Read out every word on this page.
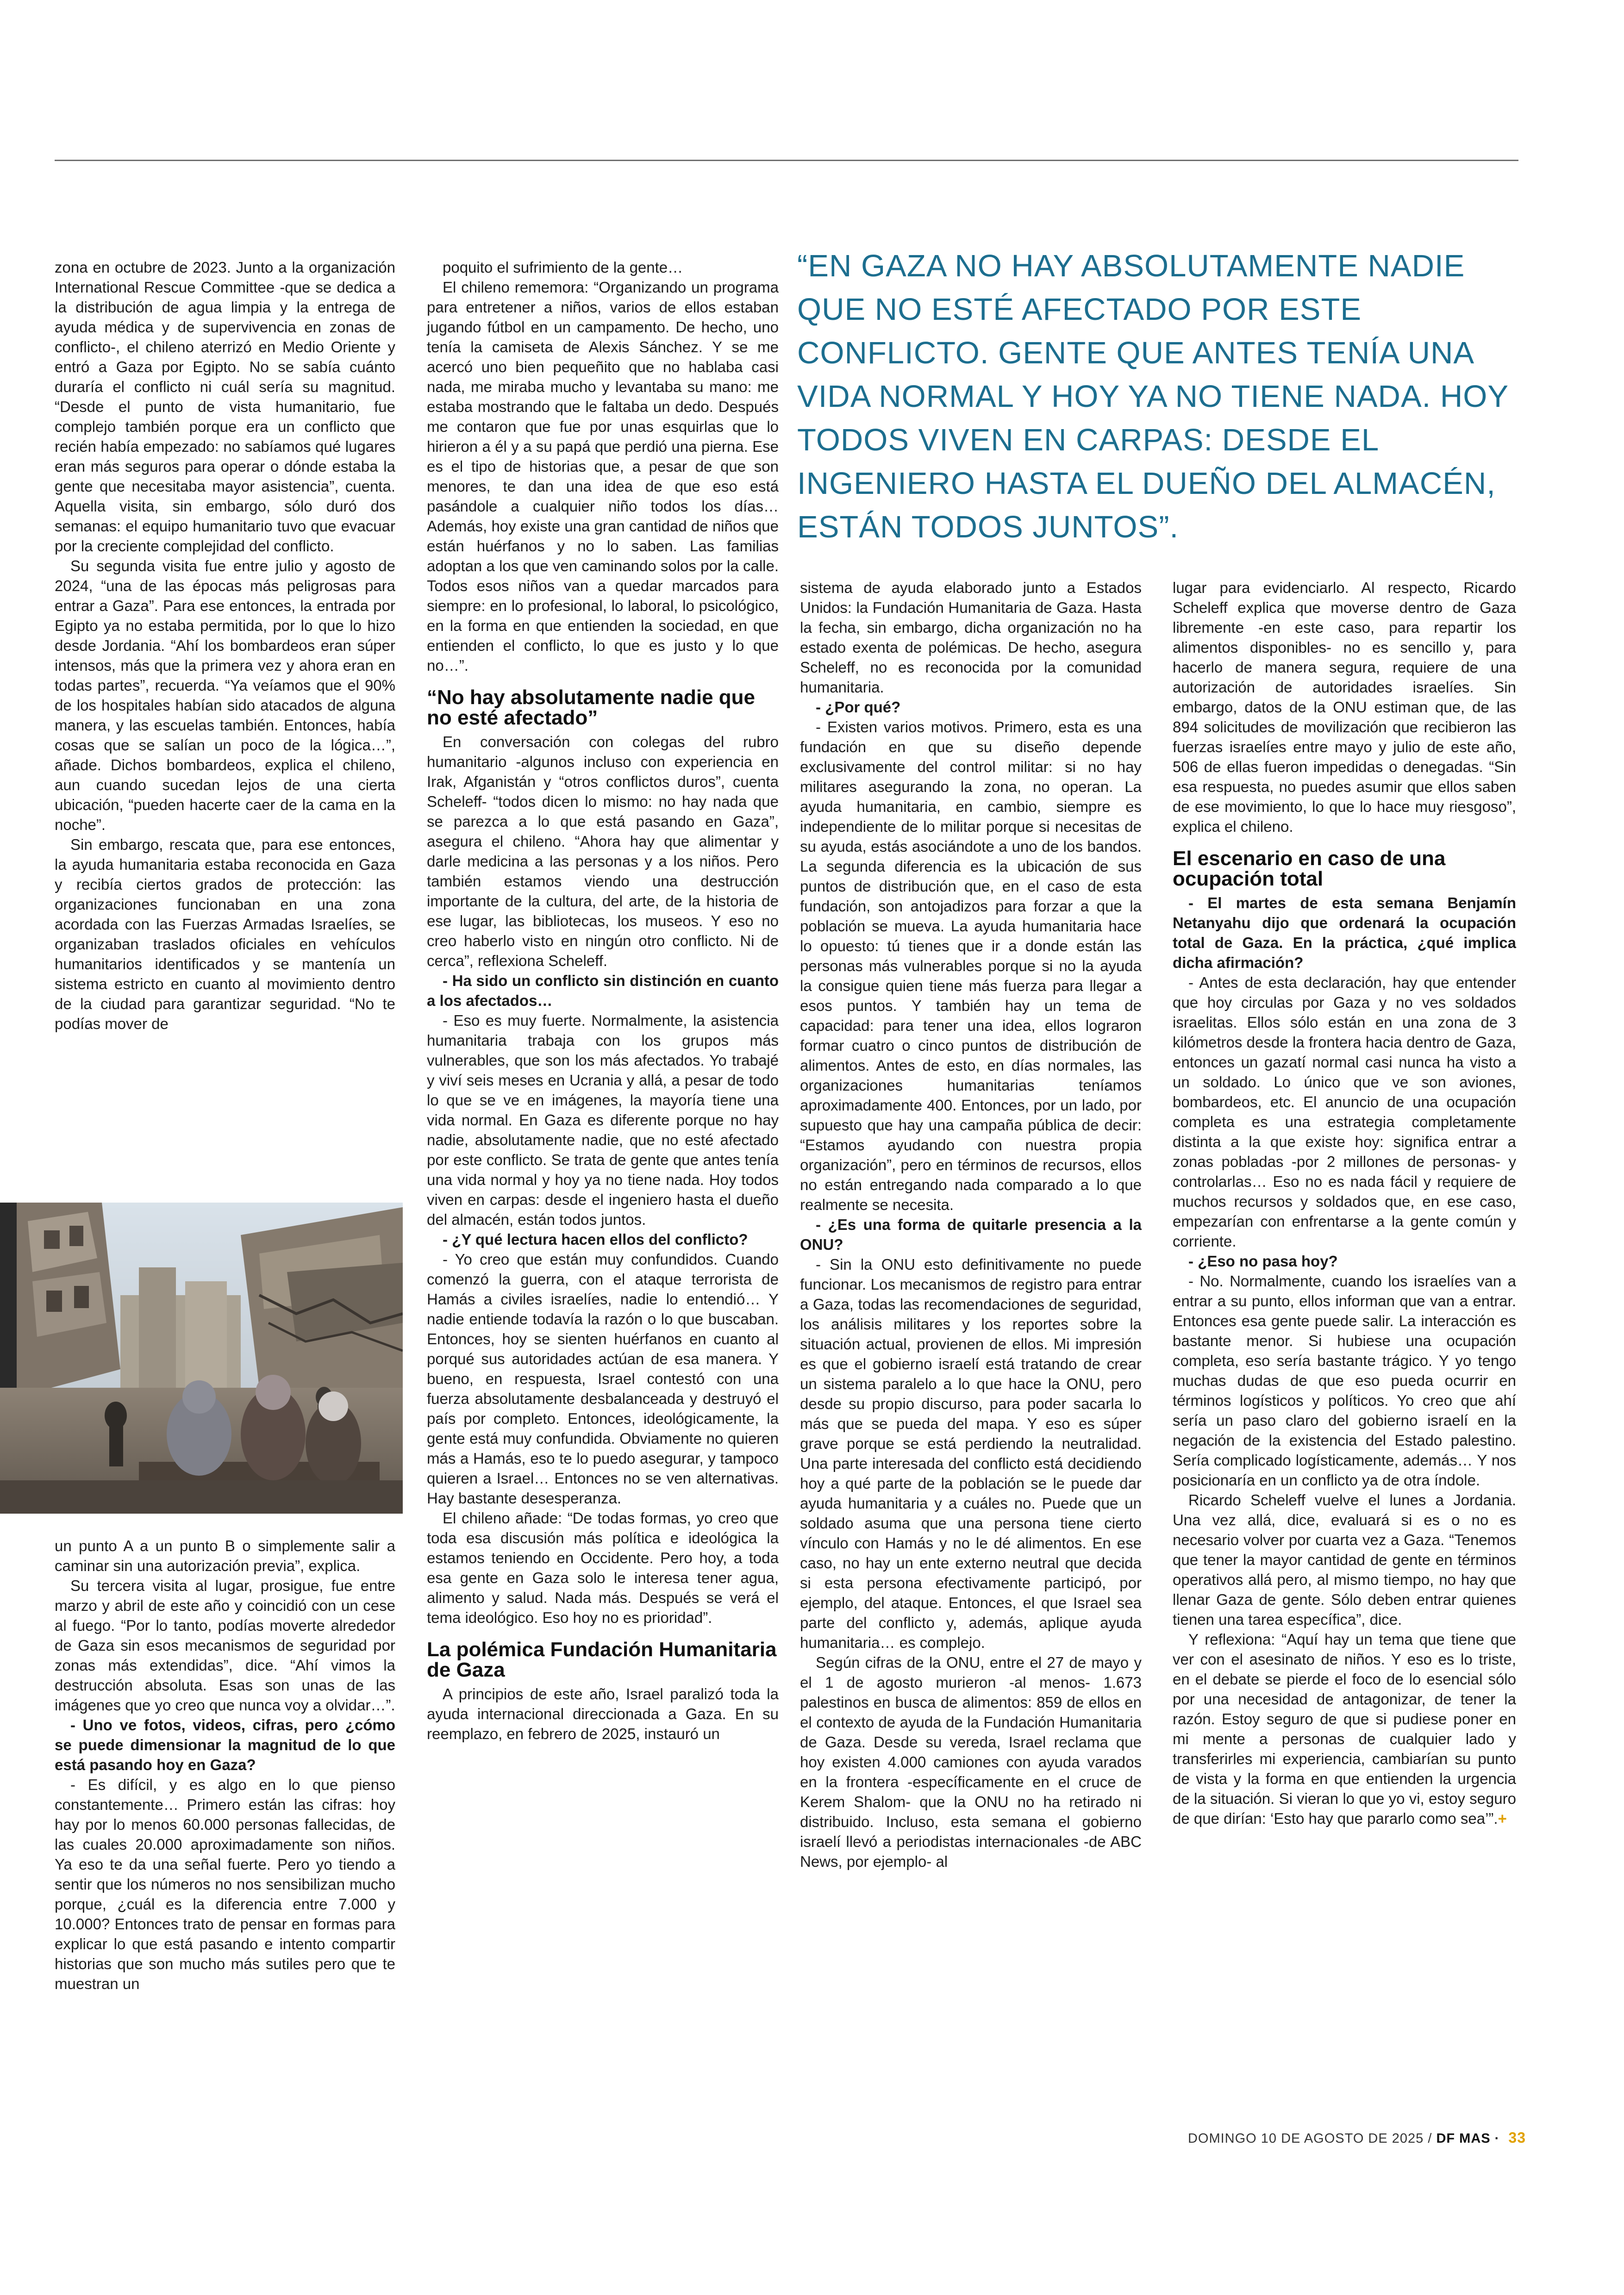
“EN GAZA NO HAY ABSOLUTAMENTE NADIE QUE NO ESTÉ AFECTADO POR ESTE CONFLICTO. GENTE QUE ANTES TENÍA UNA VIDA NORMAL Y HOY YA NO TIENE NADA. HOY TODOS VIVEN EN CARPAS: DESDE EL INGENIERO HASTA EL DUEÑO DEL ALMACÉN, ESTÁN TODOS JUNTOS”.

zona en octubre de 2023. Junto a la organización International Rescue Committee -que se dedica a la distribución de agua limpia y la entrega de ayuda médica y de supervivencia en zonas de conflicto-, el chileno aterrizó en Medio Oriente y entró a Gaza por Egipto. No se sabía cuánto duraría el conflicto ni cuál sería su magnitud. “Desde el punto de vista humanitario, fue complejo también porque era un conflicto que recién había empezado: no sabíamos qué lugares eran más seguros para operar o dónde estaba la gente que necesitaba mayor asistencia”, cuenta. Aquella visita, sin embargo, sólo duró dos semanas: el equipo humanitario tuvo que evacuar por la creciente complejidad del conflicto.

Su segunda visita fue entre julio y agosto de 2024, “una de las épocas más peligrosas para entrar a Gaza”. Para ese entonces, la entrada por Egipto ya no estaba permitida, por lo que lo hizo desde Jordania. “Ahí los bombardeos eran súper intensos, más que la primera vez y ahora eran en todas partes”, recuerda. “Ya veíamos que el 90% de los hospitales habían sido atacados de alguna manera, y las escuelas también. Entonces, había cosas que se salían un poco de la lógica…”, añade. Dichos bombardeos, explica el chileno, aun cuando sucedan lejos de una cierta ubicación, “pueden hacerte caer de la cama en la noche”.

Sin embargo, rescata que, para ese entonces, la ayuda humanitaria estaba reconocida en Gaza y recibía ciertos grados de protección: las organizaciones funcionaban en una zona acordada con las Fuerzas Armadas Israelíes, se organizaban traslados oficiales en vehículos humanitarios identificados y se mantenía un sistema estricto en cuanto al movimiento dentro de la ciudad para garantizar seguridad. “No te podías mover de

un punto A a un punto B o simplemente salir a caminar sin una autorización previa”, explica.

Su tercera visita al lugar, prosigue, fue entre marzo y abril de este año y coincidió con un cese al fuego. “Por lo tanto, podías moverte alrededor de Gaza sin esos mecanismos de seguridad por zonas más extendidas”, dice. “Ahí vimos la destrucción absoluta. Esas son unas de las imágenes que yo creo que nunca voy a olvidar…”.

- Uno ve fotos, videos, cifras, pero ¿cómo se puede dimensionar la magnitud de lo que está pasando hoy en Gaza?

- Es difícil, y es algo en lo que pienso constantemente… Primero están las cifras: hoy hay por lo menos 60.000 personas fallecidas, de las cuales 20.000 aproximadamente son niños. Ya eso te da una señal fuerte. Pero yo tiendo a sentir que los números no nos sensibilizan mucho porque, ¿cuál es la diferencia entre 7.000 y 10.000? Entonces trato de pensar en formas para explicar lo que está pasando e intento compartir historias que son mucho más sutiles pero que te muestran un

poquito el sufrimiento de la gente…

El chileno rememora: “Organizando un programa para entretener a niños, varios de ellos estaban jugando fútbol en un campamento. De hecho, uno tenía la camiseta de Alexis Sánchez. Y se me acercó uno bien pequeñito que no hablaba casi nada, me miraba mucho y levantaba su mano: me estaba mostrando que le faltaba un dedo. Después me contaron que fue por unas esquirlas que lo hirieron a él y a su papá que perdió una pierna. Ese es el tipo de historias que, a pesar de que son menores, te dan una idea de que eso está pasándole a cualquier niño todos los días… Además, hoy existe una gran cantidad de niños que están huérfanos y no lo saben. Las familias adoptan a los que ven caminando solos por la calle. Todos esos niños van a quedar marcados para siempre: en lo profesional, lo laboral, lo psicológico, en la forma en que entienden la sociedad, en que entienden el conflicto, lo que es justo y lo que no…”.

“No hay absolutamente nadie que no esté afectado”

En conversación con colegas del rubro humanitario -algunos incluso con experiencia en Irak, Afganistán y “otros conflictos duros”, cuenta Scheleff- “todos dicen lo mismo: no hay nada que se parezca a lo que está pasando en Gaza”, asegura el chileno. “Ahora hay que alimentar y darle medicina a las personas y a los niños. Pero también estamos viendo una destrucción importante de la cultura, del arte, de la historia de ese lugar, las bibliotecas, los museos. Y eso no creo haberlo visto en ningún otro conflicto. Ni de cerca”, reflexiona Scheleff.

- Ha sido un conflicto sin distinción en cuanto a los afectados…

- Eso es muy fuerte. Normalmente, la asistencia humanitaria trabaja con los grupos más vulnerables, que son los más afectados. Yo trabajé y viví seis meses en Ucrania y allá, a pesar de todo lo que se ve en imágenes, la mayoría tiene una vida normal. En Gaza es diferente porque no hay nadie, absolutamente nadie, que no esté afectado por este conflicto. Se trata de gente que antes tenía una vida normal y hoy ya no tiene nada. Hoy todos viven en carpas: desde el ingeniero hasta el dueño del almacén, están todos juntos.

- ¿Y qué lectura hacen ellos del conflicto?

- Yo creo que están muy confundidos. Cuando comenzó la guerra, con el ataque terrorista de Hamás a civiles israelíes, nadie lo entendió… Y nadie entiende todavía la razón o lo que buscaban. Entonces, hoy se sienten huérfanos en cuanto al porqué sus autoridades actúan de esa manera. Y bueno, en respuesta, Israel contestó con una fuerza absolutamente desbalanceada y destruyó el país por completo. Entonces, ideológicamente, la gente está muy confundida. Obviamente no quieren más a Hamás, eso te lo puedo asegurar, y tampoco quieren a Israel… Entonces no se ven alternativas. Hay bastante desesperanza.

El chileno añade: “De todas formas, yo creo que toda esa discusión más política e ideológica la estamos teniendo en Occidente. Pero hoy, a toda esa gente en Gaza solo le interesa tener agua, alimento y salud. Nada más. Después se verá el tema ideológico. Eso hoy no es prioridad”.

La polémica Fundación Humanitaria de Gaza

A principios de este año, Israel paralizó toda la ayuda internacional direccionada a Gaza. En su reemplazo, en febrero de 2025, instauró un

sistema de ayuda elaborado junto a Estados Unidos: la Fundación Humanitaria de Gaza. Hasta la fecha, sin embargo, dicha organización no ha estado exenta de polémicas. De hecho, asegura Scheleff, no es reconocida por la comunidad humanitaria.

- ¿Por qué?

- Existen varios motivos. Primero, esta es una fundación en que su diseño depende exclusivamente del control militar: si no hay militares asegurando la zona, no operan. La ayuda humanitaria, en cambio, siempre es independiente de lo militar porque si necesitas de su ayuda, estás asociándote a uno de los bandos. La segunda diferencia es la ubicación de sus puntos de distribución que, en el caso de esta fundación, son antojadizos para forzar a que la población se mueva. La ayuda humanitaria hace lo opuesto: tú tienes que ir a donde están las personas más vulnerables porque si no la ayuda la consigue quien tiene más fuerza para llegar a esos puntos. Y también hay un tema de capacidad: para tener una idea, ellos lograron formar cuatro o cinco puntos de distribución de alimentos. Antes de esto, en días normales, las organizaciones humanitarias teníamos aproximadamente 400. Entonces, por un lado, por supuesto que hay una campaña pública de decir: “Estamos ayudando con nuestra propia organización”, pero en términos de recursos, ellos no están entregando nada comparado a lo que realmente se necesita.

- ¿Es una forma de quitarle presencia a la ONU?

- Sin la ONU esto definitivamente no puede funcionar. Los mecanismos de registro para entrar a Gaza, todas las recomendaciones de seguridad, los análisis militares y los reportes sobre la situación actual, provienen de ellos. Mi impresión es que el gobierno israelí está tratando de crear un sistema paralelo a lo que hace la ONU, pero desde su propio discurso, para poder sacarla lo más que se pueda del mapa. Y eso es súper grave porque se está perdiendo la neutralidad. Una parte interesada del conflicto está decidiendo hoy a qué parte de la población se le puede dar ayuda humanitaria y a cuáles no. Puede que un soldado asuma que una persona tiene cierto vínculo con Hamás y no le dé alimentos. En ese caso, no hay un ente externo neutral que decida si esta persona efectivamente participó, por ejemplo, del ataque. Entonces, el que Israel sea parte del conflicto y, además, aplique ayuda humanitaria… es complejo.

Según cifras de la ONU, entre el 27 de mayo y el 1 de agosto murieron -al menos- 1.673 palestinos en busca de alimentos: 859 de ellos en el contexto de ayuda de la Fundación Humanitaria de Gaza. Desde su vereda, Israel reclama que hoy existen 4.000 camiones con ayuda varados en la frontera -específicamente en el cruce de Kerem Shalom- que la ONU no ha retirado ni distribuido. Incluso, esta semana el gobierno israelí llevó a periodistas internacionales -de ABC News, por ejemplo- al

lugar para evidenciarlo. Al respecto, Ricardo Scheleff explica que moverse dentro de Gaza libremente -en este caso, para repartir los alimentos disponibles- no es sencillo y, para hacerlo de manera segura, requiere de una autorización de autoridades israelíes. Sin embargo, datos de la ONU estiman que, de las 894 solicitudes de movilización que recibieron las fuerzas israelíes entre mayo y julio de este año, 506 de ellas fueron impedidas o denegadas. “Sin esa respuesta, no puedes asumir que ellos saben de ese movimiento, lo que lo hace muy riesgoso”, explica el chileno.

El escenario en caso de una ocupación total

- El martes de esta semana Benjamín Netanyahu dijo que ordenará la ocupación total de Gaza. En la práctica, ¿qué implica dicha afirmación?

- Antes de esta declaración, hay que entender que hoy circulas por Gaza y no ves soldados israelitas. Ellos sólo están en una zona de 3 kilómetros desde la frontera hacia dentro de Gaza, entonces un gazatí normal casi nunca ha visto a un soldado. Lo único que ve son aviones, bombardeos, etc. El anuncio de una ocupación completa es una estrategia completamente distinta a la que existe hoy: significa entrar a zonas pobladas -por 2 millones de personas- y controlarlas… Eso no es nada fácil y requiere de muchos recursos y soldados que, en ese caso, empezarían con enfrentarse a la gente común y corriente.

- ¿Eso no pasa hoy?

- No. Normalmente, cuando los israelíes van a entrar a su punto, ellos informan que van a entrar. Entonces esa gente puede salir. La interacción es bastante menor. Si hubiese una ocupación completa, eso sería bastante trágico. Y yo tengo muchas dudas de que eso pueda ocurrir en términos logísticos y políticos. Yo creo que ahí sería un paso claro del gobierno israelí en la negación de la existencia del Estado palestino. Sería complicado logísticamente, además… Y nos posicionaría en un conflicto ya de otra índole.

Ricardo Scheleff vuelve el lunes a Jordania. Una vez allá, dice, evaluará si es o no es necesario volver por cuarta vez a Gaza. “Tenemos que tener la mayor cantidad de gente en términos operativos allá pero, al mismo tiempo, no hay que llenar Gaza de gente. Sólo deben entrar quienes tienen una tarea específica”, dice.

Y reflexiona: “Aquí hay un tema que tiene que ver con el asesinato de niños. Y eso es lo triste, en el debate se pierde el foco de lo esencial sólo por una necesidad de antagonizar, de tener la razón. Estoy seguro de que si pudiese poner en mi mente a personas de cualquier lado y transferirles mi experiencia, cambiarían su punto de vista y la forma en que entienden la urgencia de la situación. Si vieran lo que yo vi, estoy seguro de que dirían: ‘Esto hay que pararlo como sea’”.+

DOMINGO 10 DE AGOSTO DE 2025 / DF MAS · 33
